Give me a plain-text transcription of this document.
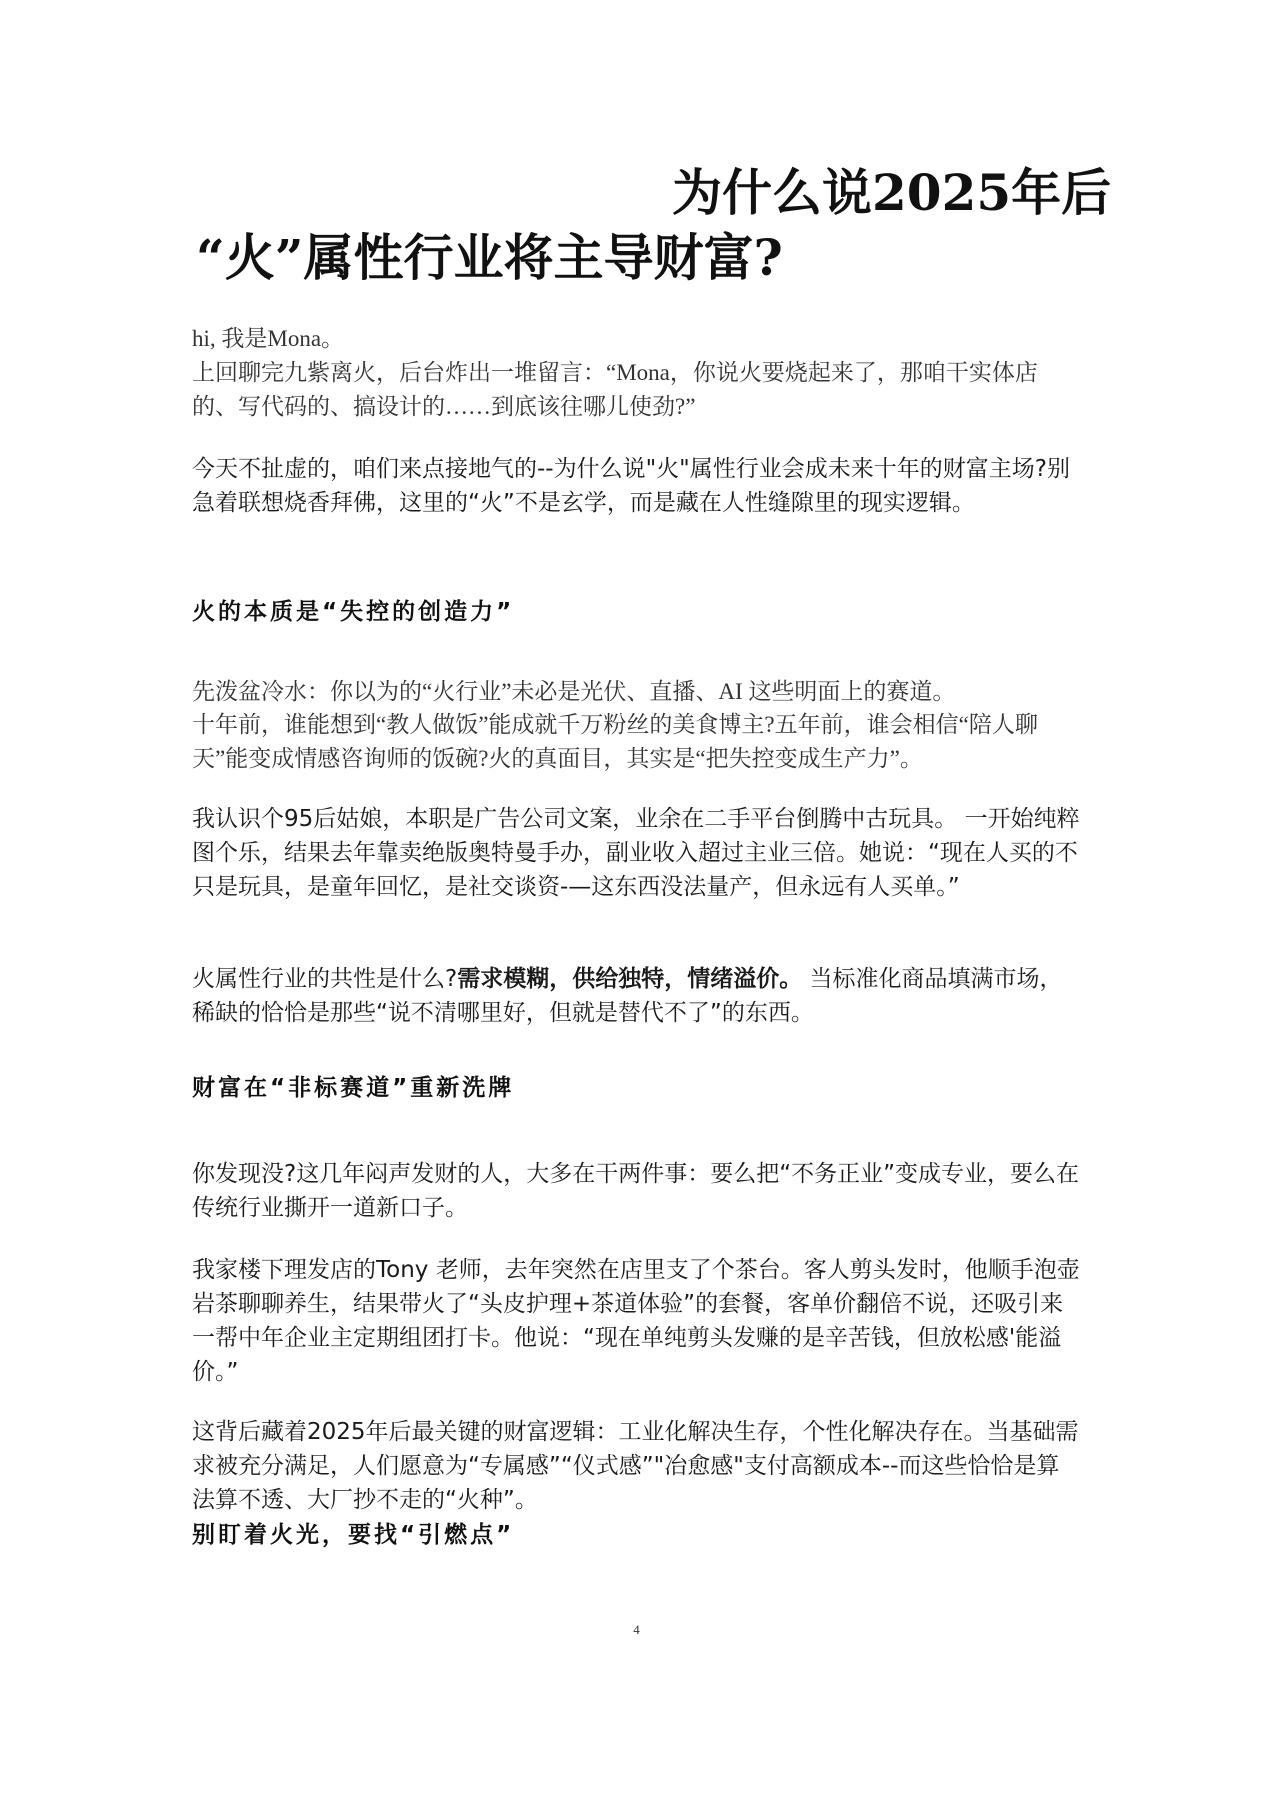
为什么说2025年后
“火”属性行业将主导财富?

hi, 我是Mona。

上回聊完九紫离火，后台炸出一堆留言：“Mona，你说火要烧起来了，那咱干实体店的、写代码的、搞设计的……到底该往哪儿使劲?”

今天不扯虚的，咱们来点接地气的--为什么说"火"属性行业会成未来十年的财富主场?别急着联想烧香拜佛，这里的“火”不是玄学，而是藏在人性缝隙里的现实逻辑。

火的本质是“失控的创造力”

先泼盆冷水：你以为的“火行业”未必是光伏、直播、AI 这些明面上的赛道。

十年前，谁能想到“教人做饭”能成就千万粉丝的美食博主?五年前，谁会相信“陪人聊天”能变成情感咨询师的饭碗?火的真面目，其实是“把失控变成生产力”。

我认识个95后姑娘，本职是广告公司文案，业余在二手平台倒腾中古玩具。 一开始纯粹图个乐，结果去年靠卖绝版奥特曼手办，副业收入超过主业三倍。她说：“现在人买的不只是玩具，是童年回忆，是社交谈资-—这东西没法量产，但永远有人买单。”

火属性行业的共性是什么?需求模糊，供给独特，情绪溢价。 当标准化商品填满市场，稀缺的恰恰是那些“说不清哪里好，但就是替代不了”的东西。

财富在“非标赛道”重新洗牌

你发现没?这几年闷声发财的人，大多在干两件事：要么把“不务正业”变成专业，要么在传统行业撕开一道新口子。

我家楼下理发店的Tony 老师，去年突然在店里支了个茶台。客人剪头发时，他顺手泡壶岩茶聊聊养生，结果带火了“头皮护理+茶道体验”的套餐，客单价翻倍不说，还吸引来一帮中年企业主定期组团打卡。他说：“现在单纯剪头发赚的是辛苦钱，但放松感'能溢价。”

这背后藏着2025年后最关键的财富逻辑：工业化解决生存，个性化解决存在。当基础需求被充分满足，人们愿意为“专属感”“仪式感”"冶愈感"支付高额成本--而这些恰恰是算法算不透、大厂抄不走的“火种”。

别盯着火光，要找“引燃点”

4
